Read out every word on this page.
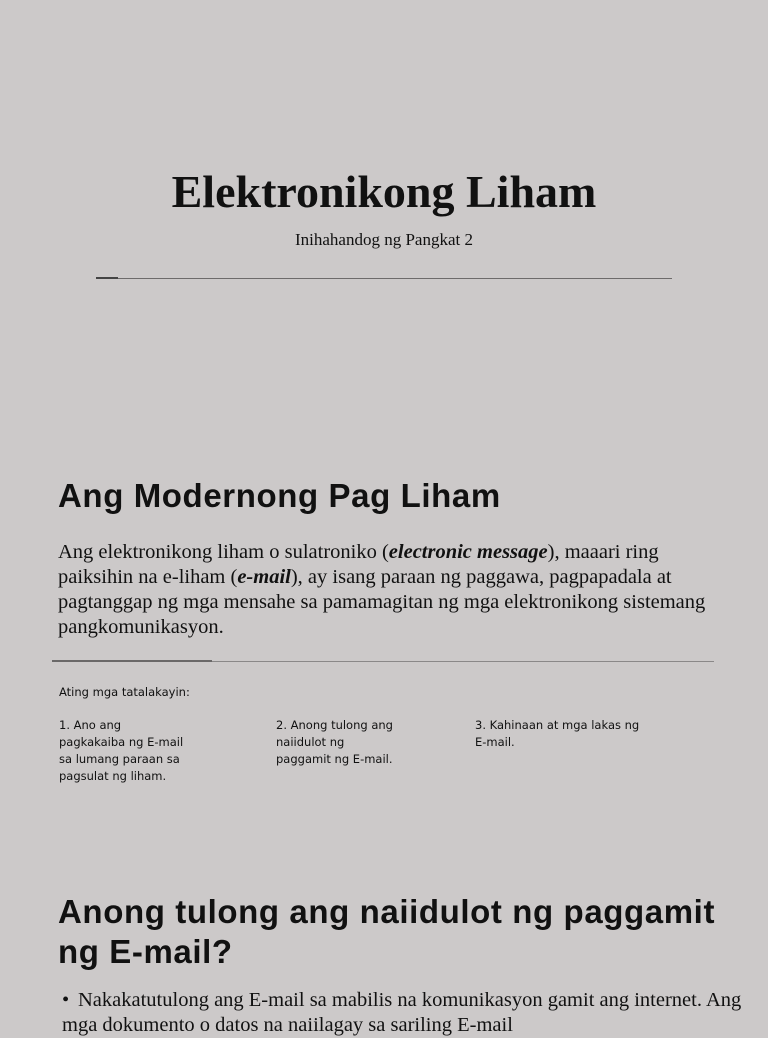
Elektronikong Liham
Inihahandog ng Pangkat 2
Ang Modernong Pag Liham

Ang elektronikong liham o sulatroniko (electronic message), maaari ring paiksihin na e-liham (e-mail), ay isang paraan ng paggawa, pagpapadala at pagtanggap ng mga mensahe sa pamamagitan ng mga elektronikong sistemang pangkomunikasyon.

Ating mga tatalakayin:
1. Ano ang
pagkakaiba ng E-mail
sa lumang paraan sa
pagsulat ng liham.
2. Anong tulong ang
naiidulot ng
paggamit ng E-mail.
3. Kahinaan at mga lakas ng
E-mail.
Anong tulong ang naiidulot ng paggamit ng E-mail?
• Nakakatutulong ang E-mail sa mabilis na komunikasyon gamit ang internet. Ang mga dokumento o datos na naiilagay sa sariling E-mail
